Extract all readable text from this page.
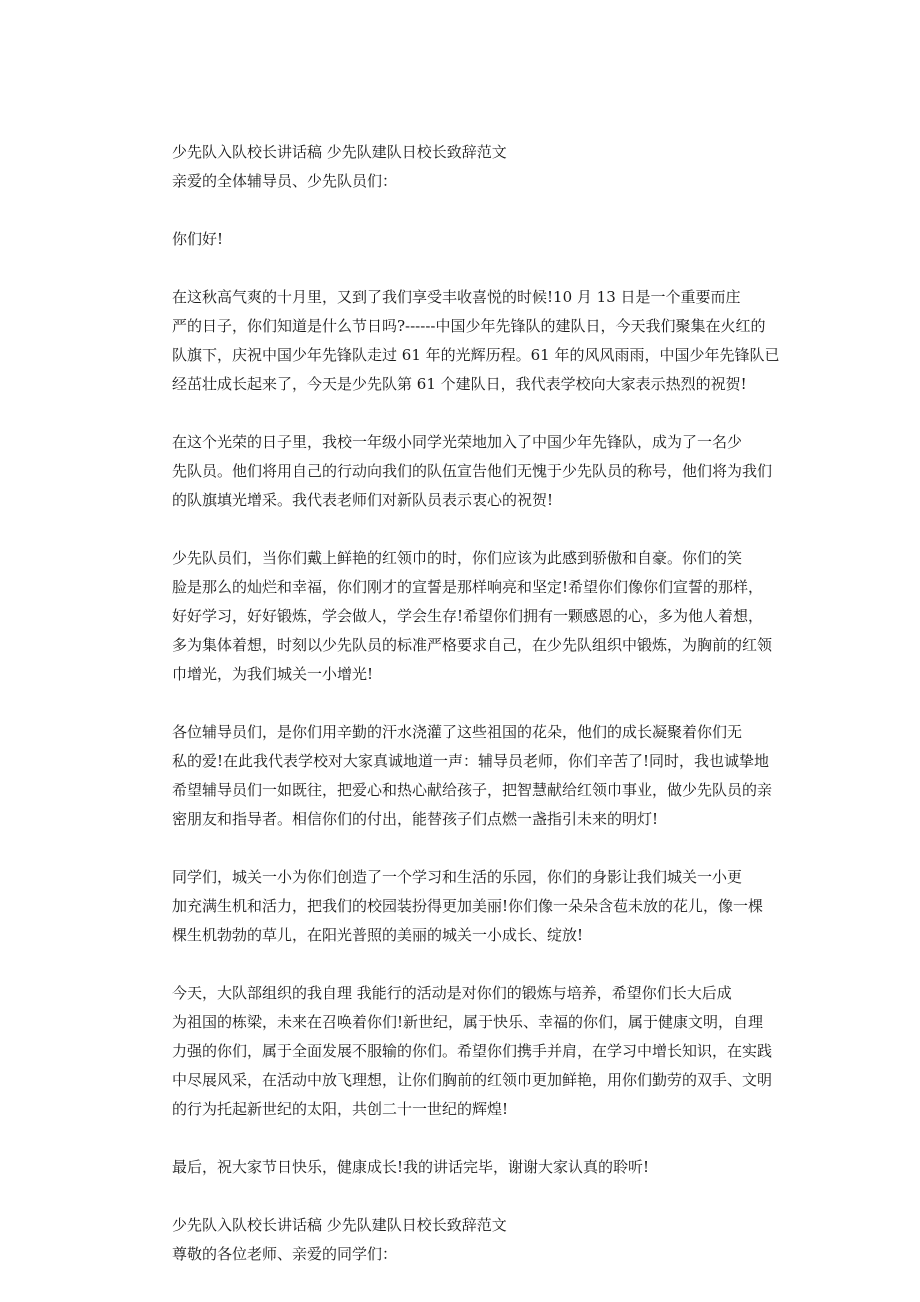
少先队入队校长讲话稿 少先队建队日校长致辞范文

亲爱的全体辅导员、少先队员们：

你们好!

在这秋高气爽的十月里，又到了我们享受丰收喜悦的时候!10 月 13 日是一个重要而庄

严的日子，你们知道是什么节日吗?------中国少年先锋队的建队日，今天我们聚集在火红的

队旗下，庆祝中国少年先锋队走过 61 年的光辉历程。61 年的风风雨雨，中国少年先锋队已

经茁壮成长起来了，今天是少先队第 61 个建队日，我代表学校向大家表示热烈的祝贺!

在这个光荣的日子里，我校一年级小同学光荣地加入了中国少年先锋队，成为了一名少

先队员。他们将用自己的行动向我们的队伍宣告他们无愧于少先队员的称号，他们将为我们

的队旗填光增采。我代表老师们对新队员表示衷心的祝贺!

少先队员们，当你们戴上鲜艳的红领巾的时，你们应该为此感到骄傲和自豪。你们的笑

脸是那么的灿烂和幸福，你们刚才的宣誓是那样响亮和坚定!希望你们像你们宣誓的那样，

好好学习，好好锻炼，学会做人，学会生存!希望你们拥有一颗感恩的心，多为他人着想，

多为集体着想，时刻以少先队员的标准严格要求自己，在少先队组织中锻炼，为胸前的红领

巾增光，为我们城关一小增光!

各位辅导员们，是你们用辛勤的汗水浇灌了这些祖国的花朵，他们的成长凝聚着你们无

私的爱!在此我代表学校对大家真诚地道一声：辅导员老师，你们辛苦了!同时，我也诚挚地

希望辅导员们一如既往，把爱心和热心献给孩子，把智慧献给红领巾事业，做少先队员的亲

密朋友和指导者。相信你们的付出，能替孩子们点燃一盏指引未来的明灯!

同学们，城关一小为你们创造了一个学习和生活的乐园，你们的身影让我们城关一小更

加充满生机和活力，把我们的校园装扮得更加美丽!你们像一朵朵含苞未放的花儿，像一棵

棵生机勃勃的草儿，在阳光普照的美丽的城关一小成长、绽放!

今天，大队部组织的我自理 我能行的活动是对你们的锻炼与培养，希望你们长大后成

为祖国的栋梁，未来在召唤着你们!新世纪，属于快乐、幸福的你们，属于健康文明，自理

力强的你们，属于全面发展不服输的你们。希望你们携手并肩，在学习中增长知识，在实践

中尽展风采，在活动中放飞理想，让你们胸前的红领巾更加鲜艳，用你们勤劳的双手、文明

的行为托起新世纪的太阳，共创二十一世纪的辉煌!

最后，祝大家节日快乐，健康成长!我的讲话完毕，谢谢大家认真的聆听!

少先队入队校长讲话稿 少先队建队日校长致辞范文

尊敬的各位老师、亲爱的同学们：
